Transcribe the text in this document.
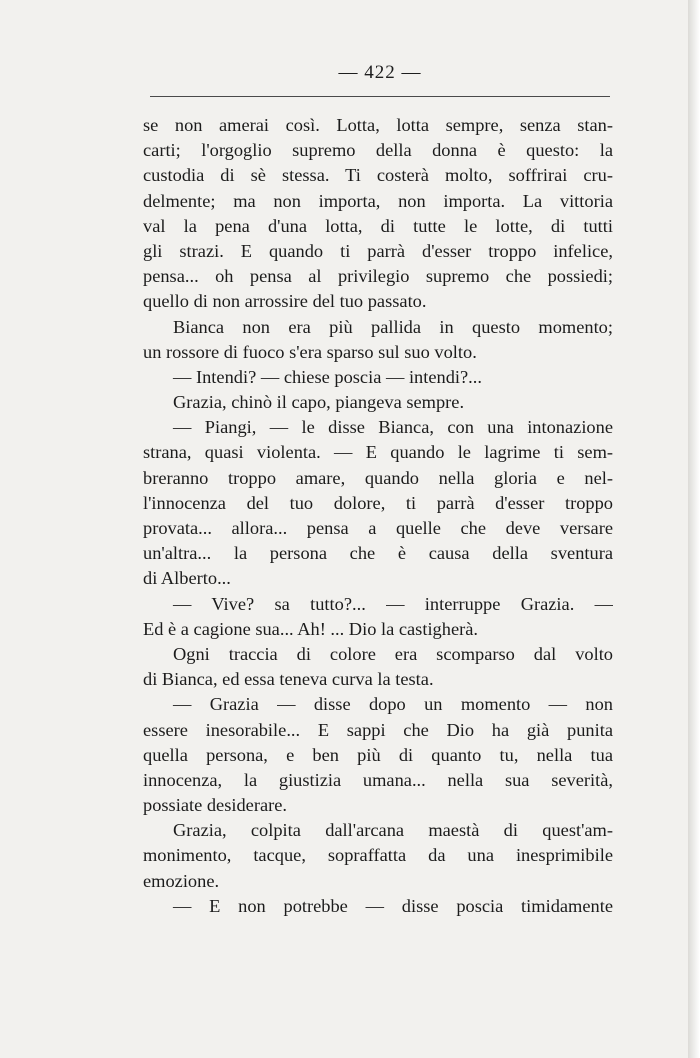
— 422 —
se non amerai così. Lotta, lotta sempre, senza stan-
carti; l'orgoglio supremo della donna è questo: la
custodia di sè stessa. Ti costerà molto, soffrirai cru-
delmente; ma non importa, non importa. La vittoria
val la pena d'una lotta, di tutte le lotte, di tutti
gli strazi. E quando ti parrà d'esser troppo infelice,
pensa... oh pensa al privilegio supremo che possiedi;
quello di non arrossire del tuo passato.
Bianca non era più pallida in questo momento;
un rossore di fuoco s'era sparso sul suo volto.
— Intendi? — chiese poscia — intendi?...
Grazia, chinò il capo, piangeva sempre.
— Piangi, — le disse Bianca, con una intonazione
strana, quasi violenta. — E quando le lagrime ti sem-
breranno troppo amare, quando nella gloria e nel-
l'innocenza del tuo dolore, ti parrà d'esser troppo
provata... allora... pensa a quelle che deve versare
un'altra... la persona che è causa della sventura
di Alberto...
— Vive? sa tutto?... — interruppe Grazia. —
Ed è a cagione sua... Ah! ... Dio la castigherà.
Ogni traccia di colore era scomparso dal volto
di Bianca, ed essa teneva curva la testa.
— Grazia — disse dopo un momento — non
essere inesorabile... E sappi che Dio ha già punita
quella persona, e ben più di quanto tu, nella tua
innocenza, la giustizia umana... nella sua severità,
possiate desiderare.
Grazia, colpita dall'arcana maestà di quest'am-
monimento, tacque, sopraffatta da una inesprimibile
emozione.
— E non potrebbe — disse poscia timidamente
